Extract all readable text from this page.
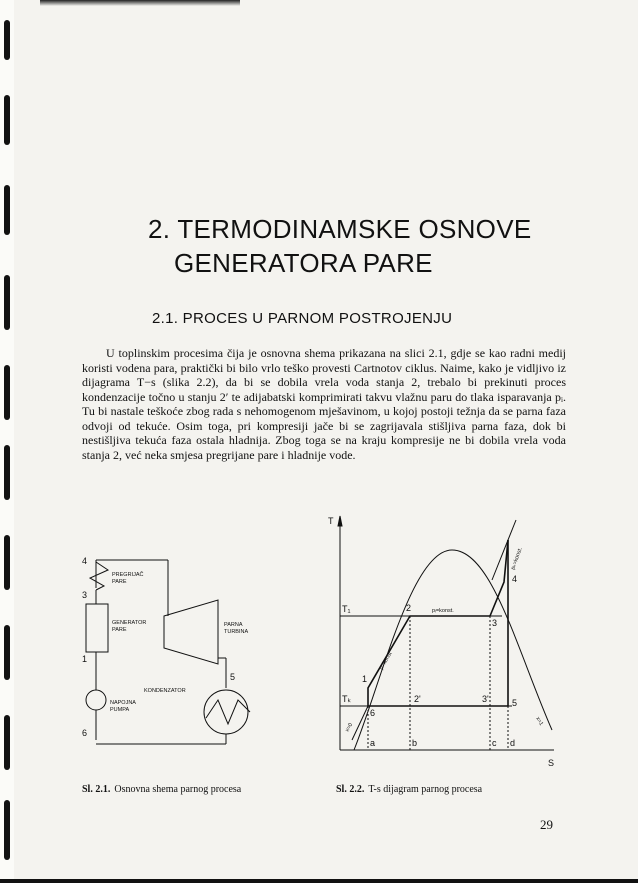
2. TERMODINAMSKE OSNOVE
GENERATORA PARE
2.1. PROCES U PARNOM POSTROJENJU

U toplinskim procesima čija je osnovna shema prikazana na slici 2.1, gdje se kao radni medij koristi vodena para, praktički bi bilo vrlo teško provesti Cartnotov ciklus. Naime, kako je vidljivo iz dijagrama T−s (slika 2.2), da bi se dobila vrela voda stanja 2, trebalo bi prekinuti proces kondenzacije točno u stanju 2′ te adijabatski komprimirati takvu vlažnu paru do tlaka isparavanja pᵢ. Tu bi nastale teškoće zbog rada s nehomogenom mješavinom, u kojoj postoji težnja da se parna faza odvoji od tekuće. Osim toga, pri kompresiji jače bi se zagrijavala stišljiva parna faza, dok bi nestišljiva tekuća faza ostala hladnija. Zbog toga se na kraju kompresije ne bi dobila vrela voda stanja 2, već neka smjesa pregrijane pare i hladnije vode.

4
3
1
5
6
PREGRIJAČ PARE
GENERATOR PARE
PARNA TURBINA
KONDENZATOR
NAPOJNA PUMPA
T
S
T₁
Tₖ
1
2
2'
3
3'
4
5
6
a	b	c d
pᵢ=konst.
pₖ=konst.
p=konst
x=0
x=1
Sl. 2.1. Osnovna shema parnog procesa	Sl. 2.2. T-s dijagram parnog procesa
29
